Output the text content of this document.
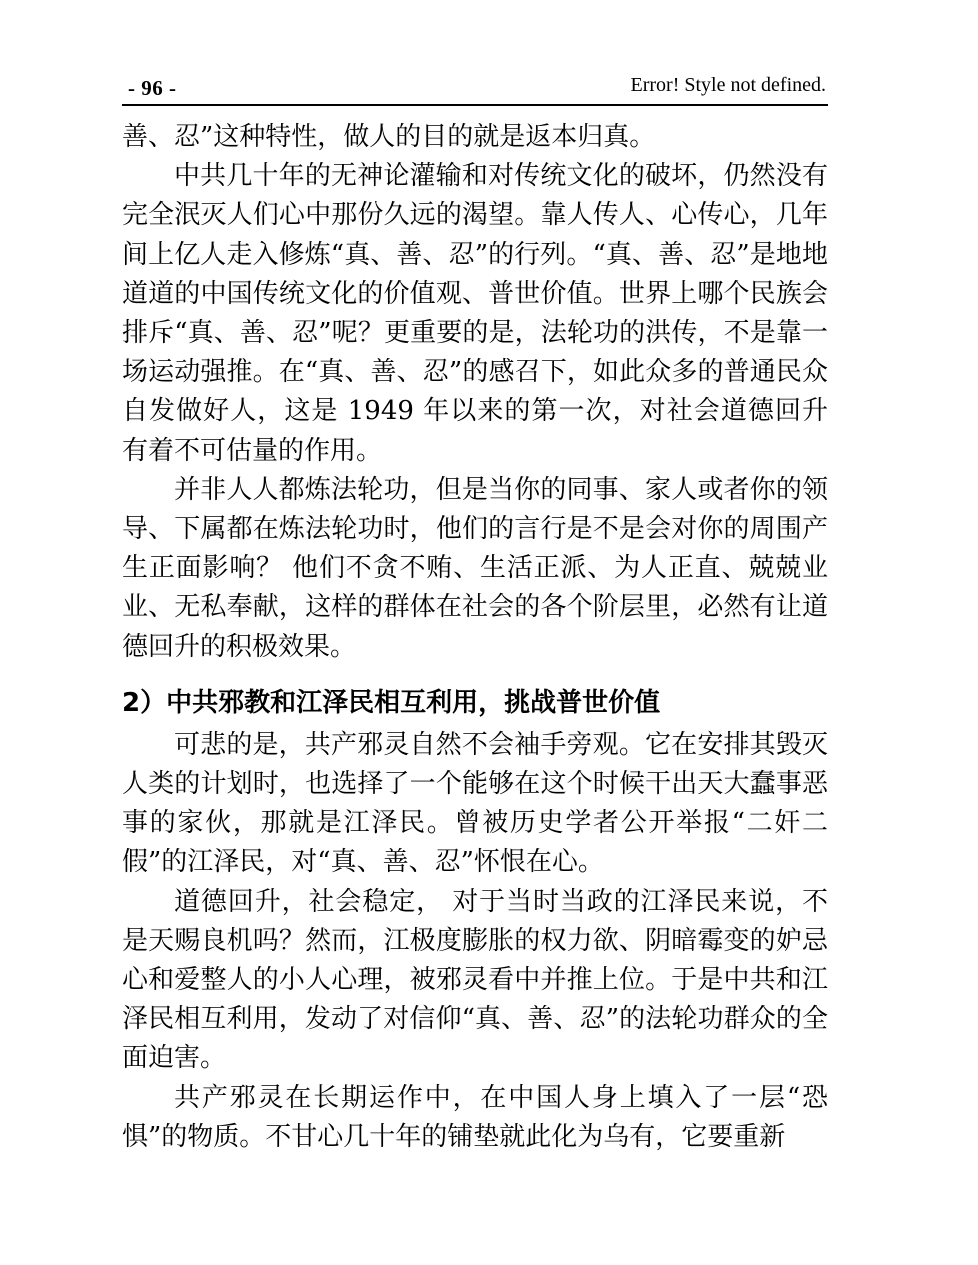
- 96 -	Error! Style not defined.

善、忍”这种特性，做人的目的就是返本归真。

中共几十年的无神论灌输和对传统文化的破坏，仍然没有完全泯灭人们心中那份久远的渴望。靠人传人、心传心，几年间上亿人走入修炼“真、善、忍”的行列。“真、善、忍”是地地道道的中国传统文化的价值观、普世价值。世界上哪个民族会排斥“真、善、忍”呢？更重要的是，法轮功的洪传，不是靠一场运动强推。在“真、善、忍”的感召下，如此众多的普通民众自发做好人，这是 1949 年以来的第一次，对社会道德回升有着不可估量的作用。

并非人人都炼法轮功，但是当你的同事、家人或者你的领导、下属都在炼法轮功时，他们的言行是不是会对你的周围产生正面影响？ 他们不贪不贿、生活正派、为人正直、兢兢业业、无私奉献，这样的群体在社会的各个阶层里，必然有让道德回升的积极效果。

2）中共邪教和江泽民相互利用，挑战普世价值

可悲的是，共产邪灵自然不会袖手旁观。它在安排其毁灭人类的计划时，也选择了一个能够在这个时候干出天大蠢事恶事的家伙，那就是江泽民。曾被历史学者公开举报“二奸二假”的江泽民，对“真、善、忍”怀恨在心。

道德回升，社会稳定， 对于当时当政的江泽民来说，不是天赐良机吗？然而，江极度膨胀的权力欲、阴暗霉变的妒忌心和爱整人的小人心理，被邪灵看中并推上位。于是中共和江泽民相互利用，发动了对信仰“真、善、忍”的法轮功群众的全面迫害。

共产邪灵在长期运作中，在中国人身上填入了一层“恐惧”的物质。不甘心几十年的铺垫就此化为乌有，它要重新
